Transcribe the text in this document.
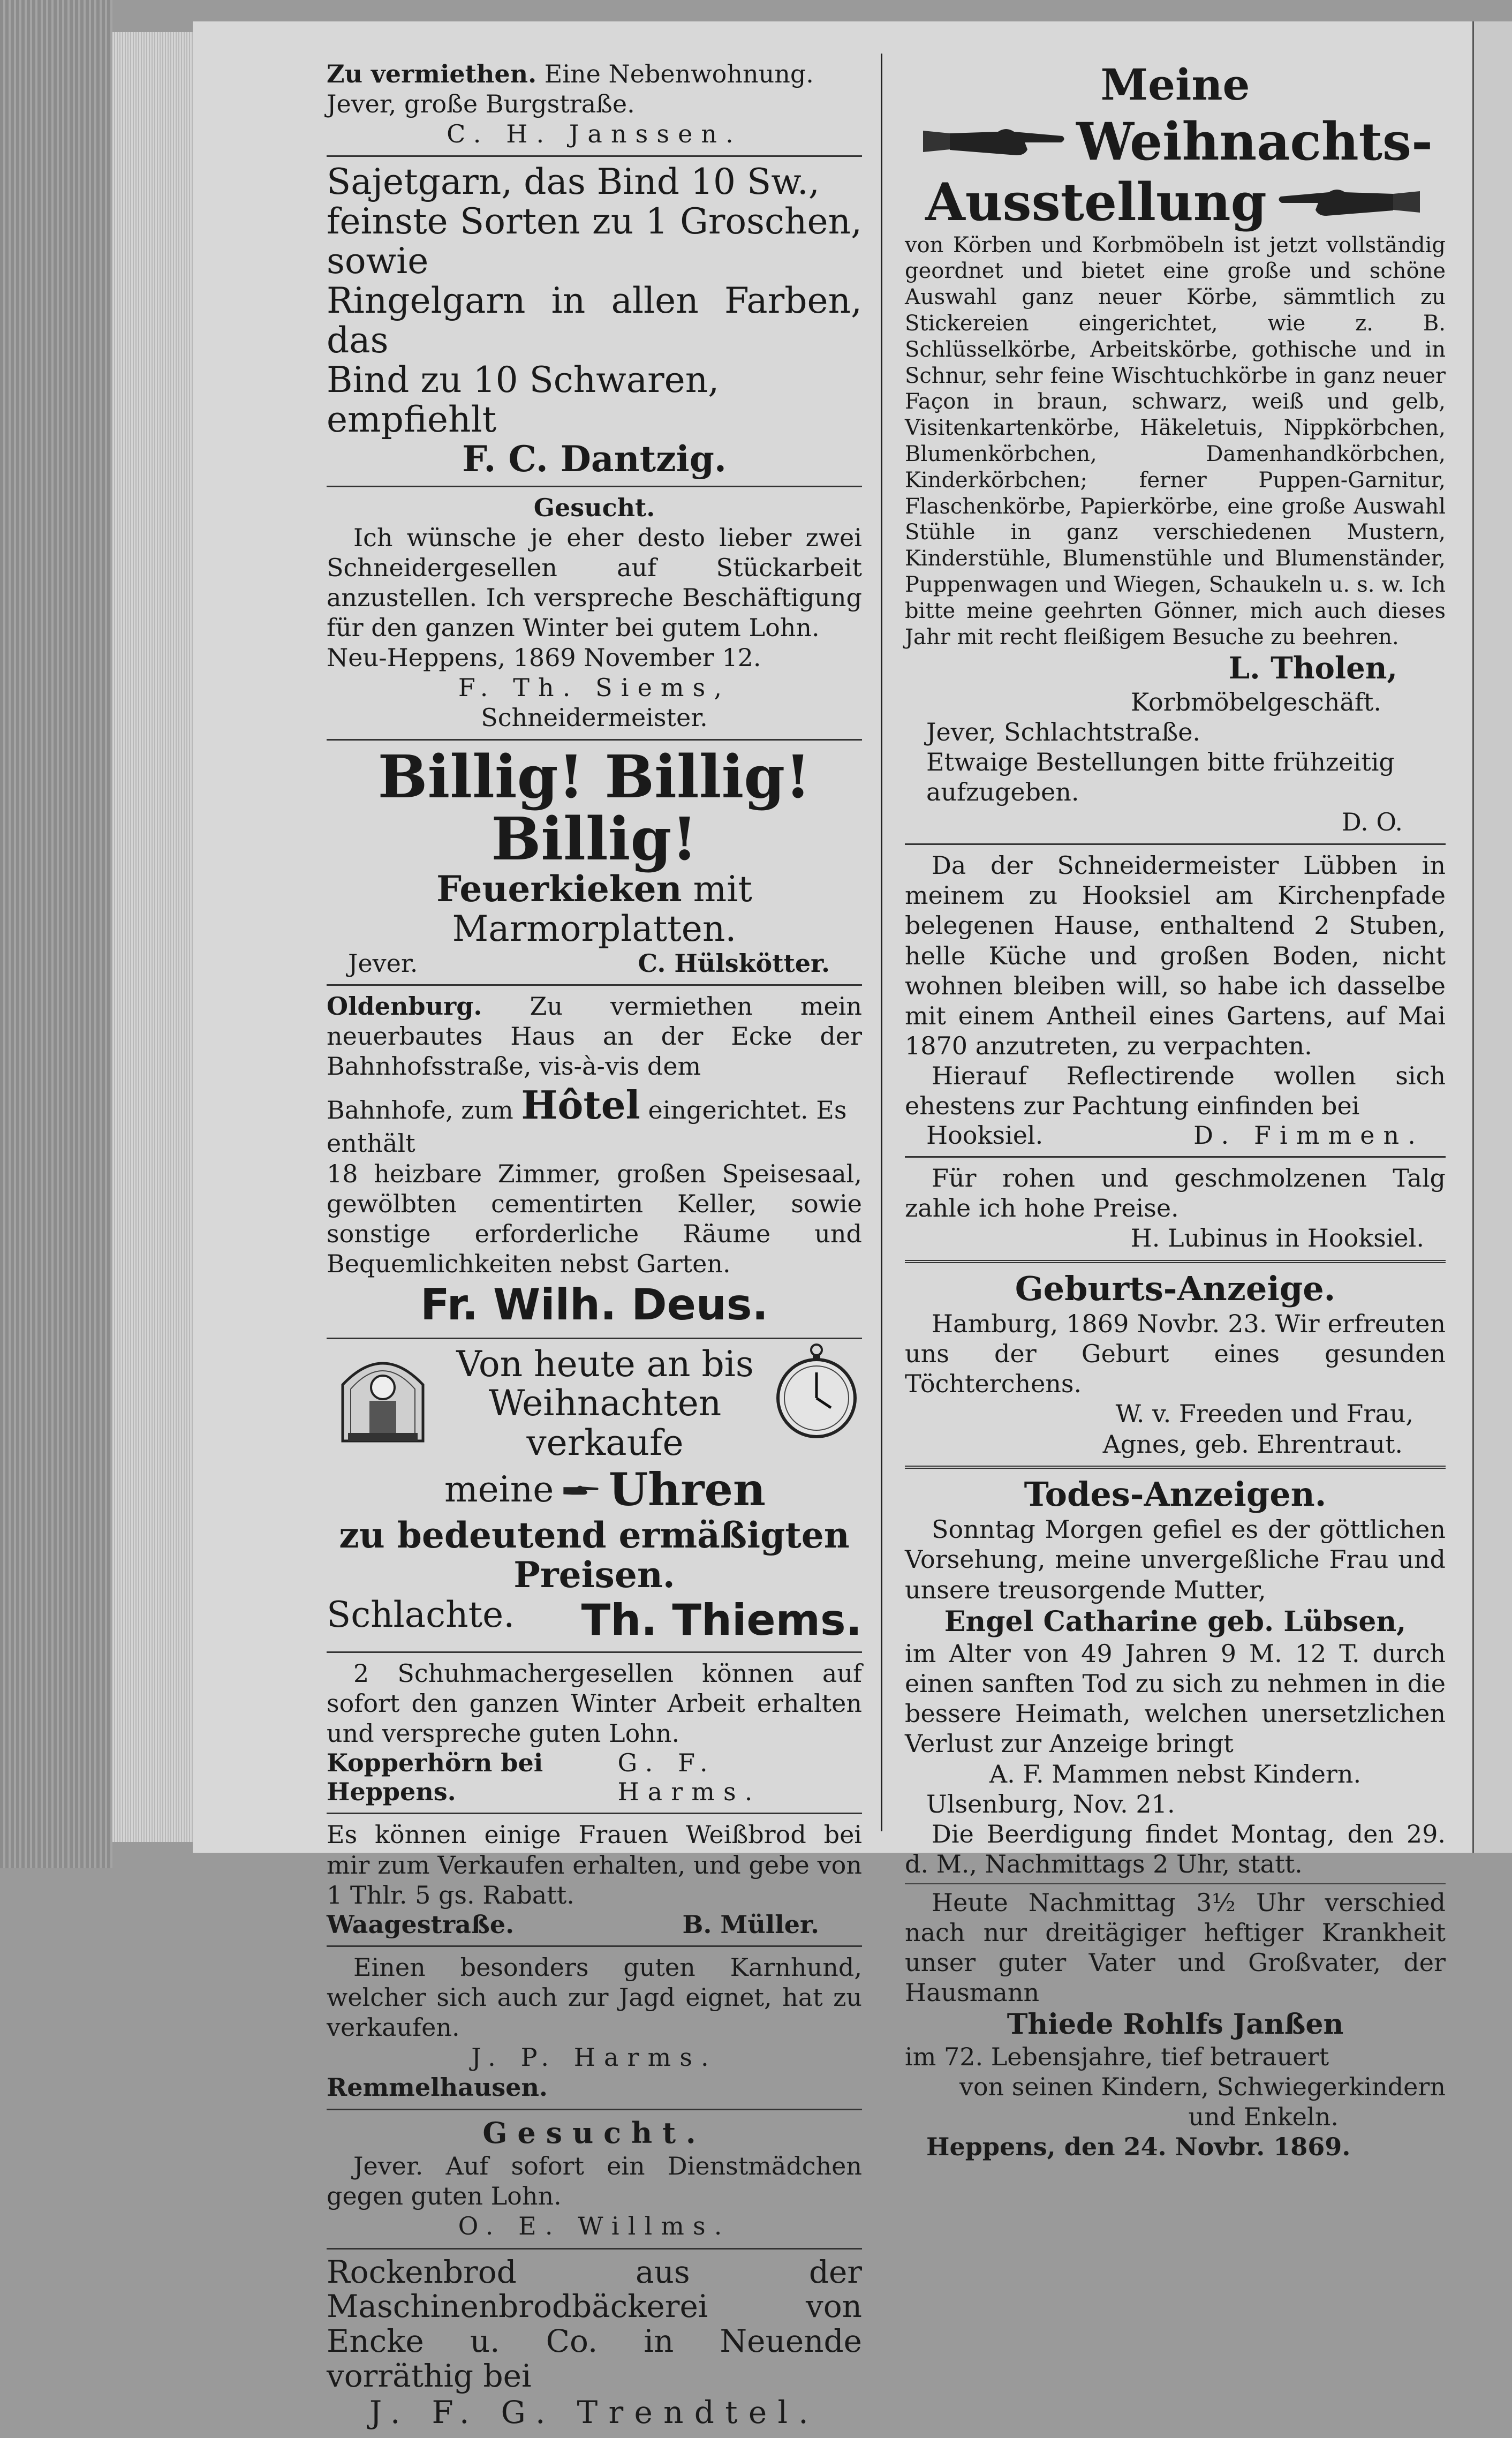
Zu vermiethen. Eine Nebenwohnung.

Jever, große Burgstraße.

C. H. Janssen.

Sajetgarn, das Bind 10 Sw.,

feinste Sorten zu 1 Groschen, sowie

Ringelgarn in allen Farben, das

Bind zu 10 Schwaren, empfiehlt

F. C. Dantzig.

Gesucht.

Ich wünsche je eher desto lieber zwei Schneidergesellen auf Stückarbeit anzustellen. Ich verspreche Beschäftigung für den ganzen Winter bei gutem Lohn.

Neu-Heppens, 1869 November 12.

F. Th. Siems,

Schneidermeister.

Billig! Billig! Billig!

Feuerkieken mit Marmorplatten.

Jever.	C. Hülskötter.

Oldenburg. Zu vermiethen mein neuerbautes Haus an der Ecke der Bahnhofsstraße, vis-à-vis dem

Bahnhofe, zum Hôtel eingerichtet. Es enthält

18 heizbare Zimmer, großen Speisesaal, gewölbten cementirten Keller, sowie sonstige erforderliche Räume und Bequemlichkeiten nebst Garten.

Fr. Wilh. Deus.

Von heute an bis

Weihnachten verkaufe

meine Uhren

zu bedeutend ermäßigten Preisen.

Schlachte. Th. Thiems.

2 Schuhmachergesellen können auf sofort den ganzen Winter Arbeit erhalten und verspreche guten Lohn.

Kopperhörn bei Heppens.
G. F. Harms.

Es können einige Frauen Weißbrod bei mir zum Verkaufen erhalten, und gebe von 1 Thlr. 5 gs. Rabatt.

Waagestraße.	B. Müller.

Einen besonders guten Karnhund, welcher sich auch zur Jagd eignet, hat zu verkaufen.

J. P. Harms.

Remmelhausen.

Gesucht.

Jever. Auf sofort ein Dienstmädchen gegen guten Lohn.

O. E. Willms.

Rockenbrod aus der Maschinenbrodbäckerei von Encke u. Co. in Neuende vorräthig bei

J. F. G. Trendtel.

Meine

Weihnachts-
Ausstellung

von Körben und Korbmöbeln ist jetzt vollständig geordnet und bietet eine große und schöne Auswahl ganz neuer Körbe, sämmtlich zu Stickereien eingerichtet, wie z. B. Schlüsselkörbe, Arbeitskörbe, gothische und in Schnur, sehr feine Wischtuchkörbe in ganz neuer Façon in braun, schwarz, weiß und gelb, Visitenkartenkörbe, Häkeletuis, Nippkörbchen, Blumenkörbchen, Damenhandkörbchen, Kinderkörbchen; ferner Puppen-Garnitur, Flaschenkörbe, Papierkörbe, eine große Auswahl Stühle in ganz verschiedenen Mustern, Kinderstühle, Blumenstühle und Blumenständer, Puppenwagen und Wiegen, Schaukeln u. s. w. Ich bitte meine geehrten Gönner, mich auch dieses Jahr mit recht fleißigem Besuche zu beehren.

L. Tholen,

Korbmöbelgeschäft.

Jever, Schlachtstraße.

Etwaige Bestellungen bitte frühzeitig aufzugeben.

D. O.

Da der Schneidermeister Lübben in meinem zu Hooksiel am Kirchenpfade belegenen Hause, enthaltend 2 Stuben, helle Küche und großen Boden, nicht wohnen bleiben will, so habe ich dasselbe mit einem Antheil eines Gartens, auf Mai 1870 anzutreten, zu verpachten.

Hierauf Reflectirende wollen sich ehestens zur Pachtung einfinden bei

Hooksiel.	D. Fimmen.

Für rohen und geschmolzenen Talg zahle ich hohe Preise.

H. Lubinus in Hooksiel.

Geburts-Anzeige.

Hamburg, 1869 Novbr. 23. Wir erfreuten uns der Geburt eines gesunden Töchterchens.

W. v. Freeden und Frau,

Agnes, geb. Ehrentraut.

Todes-Anzeigen.

Sonntag Morgen gefiel es der göttlichen Vorsehung, meine unvergeßliche Frau und unsere treusorgende Mutter,

Engel Catharine geb. Lübsen,

im Alter von 49 Jahren 9 M. 12 T. durch einen sanften Tod zu sich zu nehmen in die bessere Heimath, welchen unersetzlichen Verlust zur Anzeige bringt

A. F. Mammen nebst Kindern.

Ulsenburg, Nov. 21.

Die Beerdigung findet Montag, den 29. d. M., Nachmittags 2 Uhr, statt.

Heute Nachmittag 3½ Uhr verschied nach nur dreitägiger heftiger Krankheit unser guter Vater und Großvater, der Hausmann

Thiede Rohlfs Janßen

im 72. Lebensjahre, tief betrauert

von seinen Kindern, Schwiegerkindern

und Enkeln.

Heppens, den 24. Novbr. 1869.
